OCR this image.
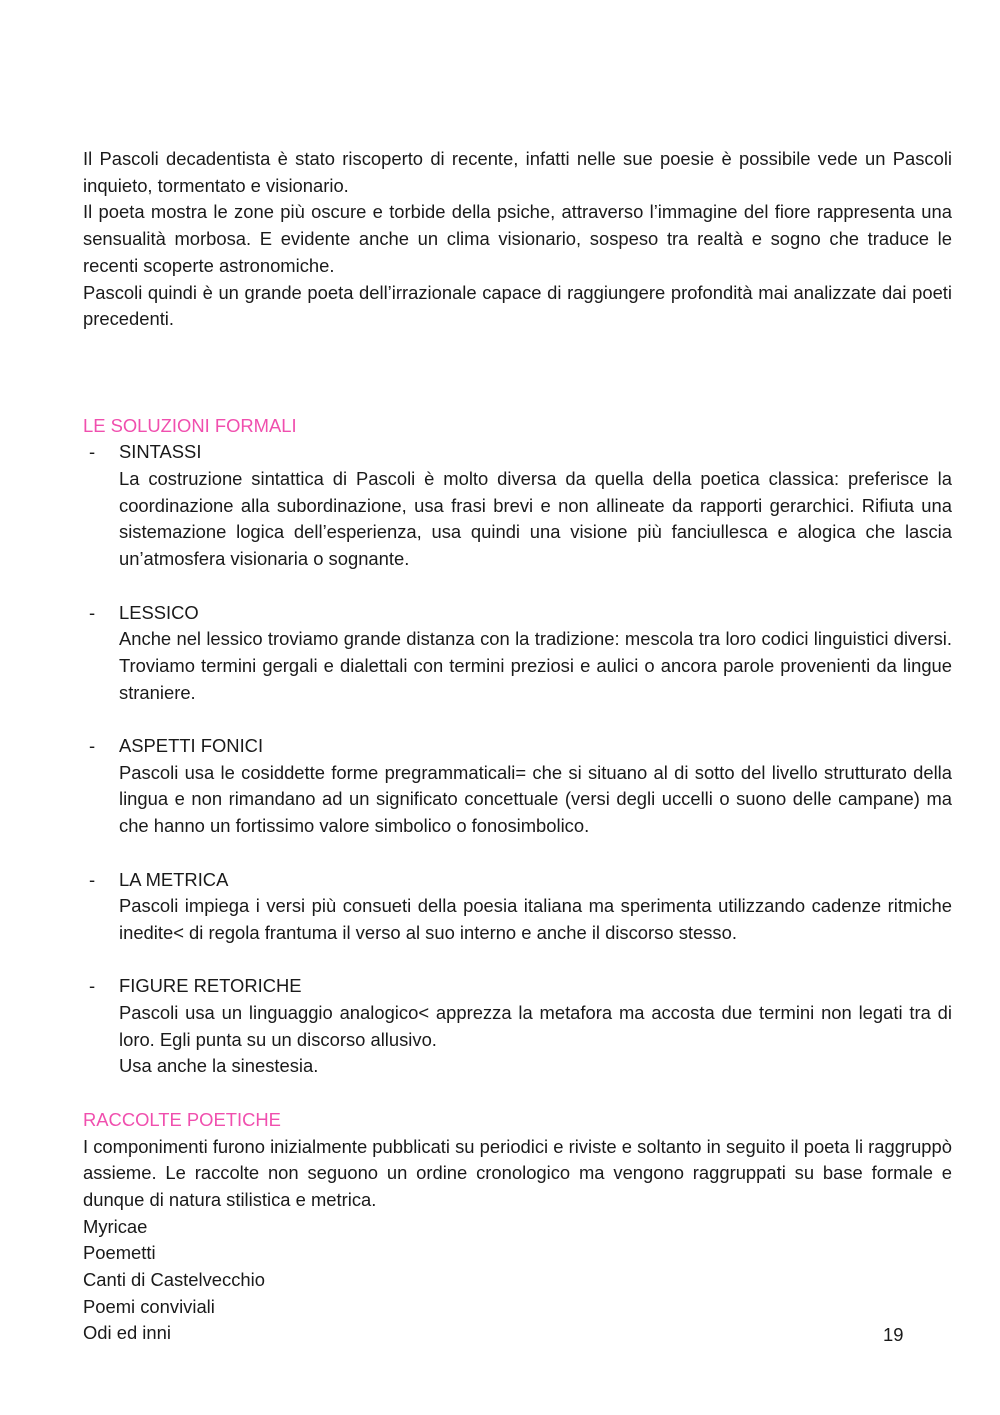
Il Pascoli decadentista è stato riscoperto di recente, infatti nelle sue poesie è possibile vede un Pascoli inquieto, tormentato e visionario.

Il poeta mostra le zone più oscure e torbide della psiche, attraverso l’immagine del fiore rappresenta una sensualità morbosa. E evidente anche un clima visionario, sospeso tra realtà e sogno che traduce le recenti scoperte astronomiche.

Pascoli quindi è un grande poeta dell’irrazionale capace di raggiungere profondità mai analizzate dai poeti precedenti.

LE SOLUZIONI FORMALI

-	SINTASSI

La costruzione sintattica di Pascoli è molto diversa da quella della poetica classica: preferisce la coordinazione alla subordinazione, usa frasi brevi e non allineate da rapporti gerarchici. Rifiuta una sistemazione logica dell’esperienza, usa quindi una visione più fanciullesca e alogica che lascia un’atmosfera visionaria o sognante.

-	LESSICO

Anche nel lessico troviamo grande distanza con la tradizione: mescola tra loro codici linguistici diversi. Troviamo termini gergali e dialettali con termini preziosi e aulici o ancora parole provenienti da lingue straniere.

-	ASPETTI FONICI

Pascoli usa le cosiddette forme pregrammaticali= che si situano al di sotto del livello strutturato della lingua e non rimandano ad un significato concettuale (versi degli uccelli o suono delle campane) ma che hanno un fortissimo valore simbolico o fonosimbolico.

-	LA METRICA

Pascoli impiega i versi più consueti della poesia italiana ma sperimenta utilizzando cadenze ritmiche inedite< di regola frantuma il verso al suo interno e anche il discorso stesso.

-	FIGURE RETORICHE

Pascoli usa un linguaggio analogico< apprezza la metafora ma accosta due termini non legati tra di loro. Egli punta su un discorso allusivo.

Usa anche la sinestesia.

RACCOLTE POETICHE

I componimenti furono inizialmente pubblicati su periodici e riviste e soltanto in seguito il poeta li raggruppò assieme. Le raccolte non seguono un ordine cronologico ma vengono raggruppati su base formale e dunque di natura stilistica e metrica.

Myricae

Poemetti

Canti di Castelvecchio

Poemi conviviali

Odi ed inni	19
